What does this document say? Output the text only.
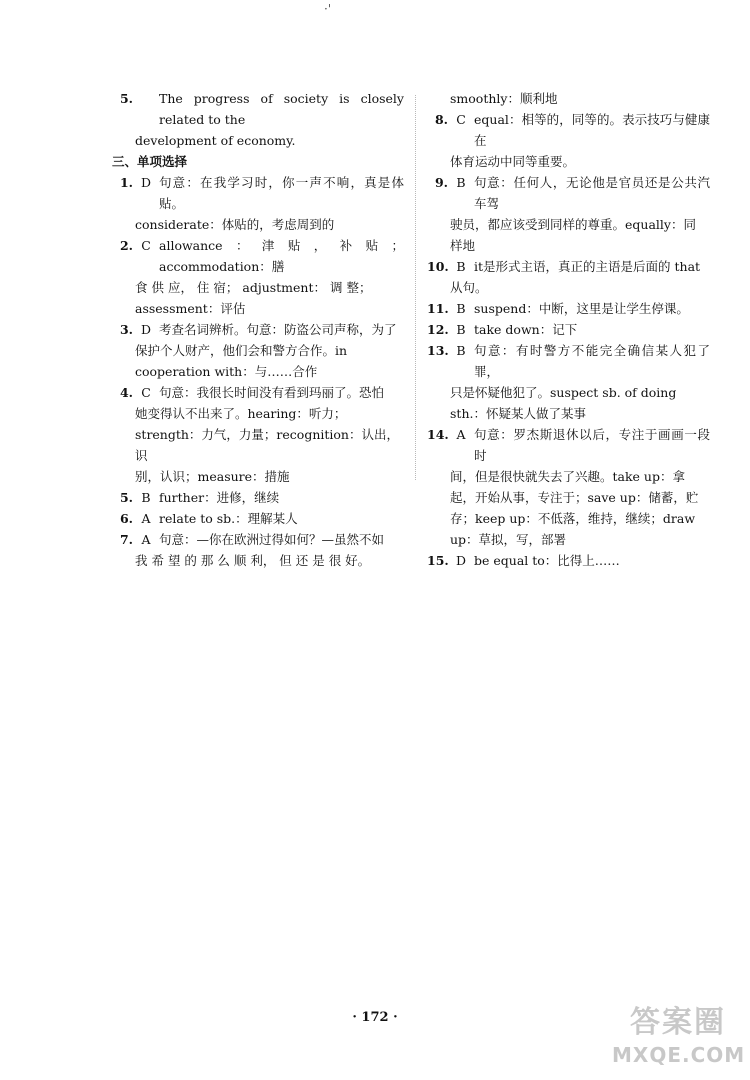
·'
5. The progress of society is closely related to the
development of economy.
三、单项选择
1. D 句意：在我学习时，你一声不响，真是体贴。
considerate：体贴的，考虑周到的
2. C allowance：津贴，补贴；accommodation：膳
食 供 应， 住 宿； adjustment： 调 整；
assessment：评估
3. D 考查名词辨析。句意：防盗公司声称，为了
保护个人财产，他们会和警方合作。in
cooperation with：与……合作
4. C 句意：我很长时间没有看到玛丽了。恐怕
她变得认不出来了。hearing：听力；
strength：力气，力量；recognition：认出，识
别，认识；measure：措施
5. B further：进修，继续
6. A relate to sb.：理解某人
7. A 句意：—你在欧洲过得如何？—虽然不如
我 希 望 的 那 么 顺 利， 但 还 是 很 好。
smoothly：顺利地
8. C equal：相等的，同等的。表示技巧与健康在
体育运动中同等重要。
9. B 句意：任何人，无论他是官员还是公共汽车驾
驶员，都应该受到同样的尊重。equally：同
样地
10. B it是形式主语，真正的主语是后面的 that
从句。
11. B suspend：中断，这里是让学生停课。
12. B take down：记下
13. B 句意：有时警方不能完全确信某人犯了罪，
只是怀疑他犯了。suspect sb. of doing
sth.：怀疑某人做了某事
14. A 句意：罗杰斯退休以后，专注于画画一段时
间，但是很快就失去了兴趣。take up：拿
起，开始从事，专注于；save up：储蓄，贮
存；keep up：不低落，维持，继续；draw
up：草拟，写，部署
15. D be equal to：比得上……
· 172 ·	答案圈
MXQE.COM
